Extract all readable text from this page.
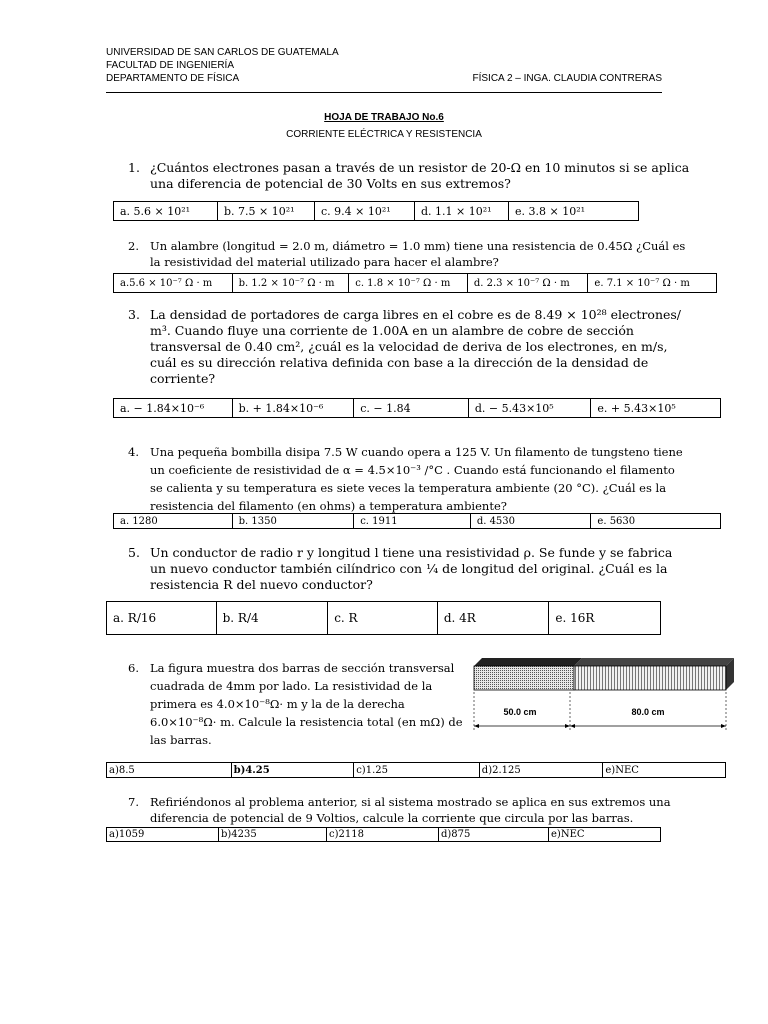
UNIVERSIDAD DE SAN CARLOS DE GUATEMALA
FACULTAD DE INGENIERÍA
DEPARTAMENTO DE FÍSICA	FÍSICA 2 – INGA. CLAUDIA CONTRERAS
HOJA DE TRABAJO No.6
CORRIENTE ELÉCTRICA Y RESISTENCIA
1. ¿Cuántos electrones pasan a través de un resistor de 20-Ω en 10 minutos si se aplica
una diferencia de potencial de 30 Volts en sus extremos?
a. 5.6 × 10²¹	b. 7.5 × 10²¹	c. 9.4 × 10²¹	d. 1.1 × 10²¹	e. 3.8 × 10²¹
2. Un alambre (longitud = 2.0 m, diámetro = 1.0 mm) tiene una resistencia de 0.45Ω ¿Cuál es
la resistividad del material utilizado para hacer el alambre?
a.5.6 × 10⁻⁷ Ω · m	b. 1.2 × 10⁻⁷ Ω · m	c. 1.8 × 10⁻⁷ Ω · m	d. 2.3 × 10⁻⁷ Ω · m	e. 7.1 × 10⁻⁷ Ω · m
3. La densidad de portadores de carga libres en el cobre es de 8.49 × 10²⁸ electrones/
m³. Cuando fluye una corriente de 1.00A en un alambre de cobre de sección
transversal de 0.40 cm², ¿cuál es la velocidad de deriva de los electrones, en m/s,
cuál es su dirección relativa definida con base a la dirección de la densidad de
corriente?
a. − 1.84×10⁻⁶	b. + 1.84×10⁻⁶	c. − 1.84	d. − 5.43×10⁵	e. + 5.43×10⁵
4. Una pequeña bombilla disipa 7.5 W cuando opera a 125 V. Un filamento de tungsteno tiene
un coeficiente de resistividad de α = 4.5×10⁻³ /°C . Cuando está funcionando el filamento
se calienta y su temperatura es siete veces la temperatura ambiente (20 °C). ¿Cuál es la
resistencia del filamento (en ohms) a temperatura ambiente?
a. 1280	b. 1350	c. 1911	d. 4530	e. 5630
5. Un conductor de radio r y longitud l tiene una resistividad ρ. Se funde y se fabrica
un nuevo conductor también cilíndrico con ¼ de longitud del original. ¿Cuál es la
resistencia R del nuevo conductor?
a. R/16	b. R/4	c. R	d. 4R	e. 16R
6. La figura muestra dos barras de sección transversal
cuadrada de 4mm por lado. La resistividad de la
primera es 4.0×10⁻⁸Ω· m y la de la derecha
6.0×10⁻⁸Ω· m. Calcule la resistencia total (en mΩ) de
las barras.
50.0 cm	80.0 cm
a)8.5	b)4.25	c)1.25	d)2.125	e)NEC
7. Refiriéndonos al problema anterior, si al sistema mostrado se aplica en sus extremos una
diferencia de potencial de 9 Voltios, calcule la corriente que circula por las barras.
a)1059	b)4235	c)2118	d)875	e)NEC
